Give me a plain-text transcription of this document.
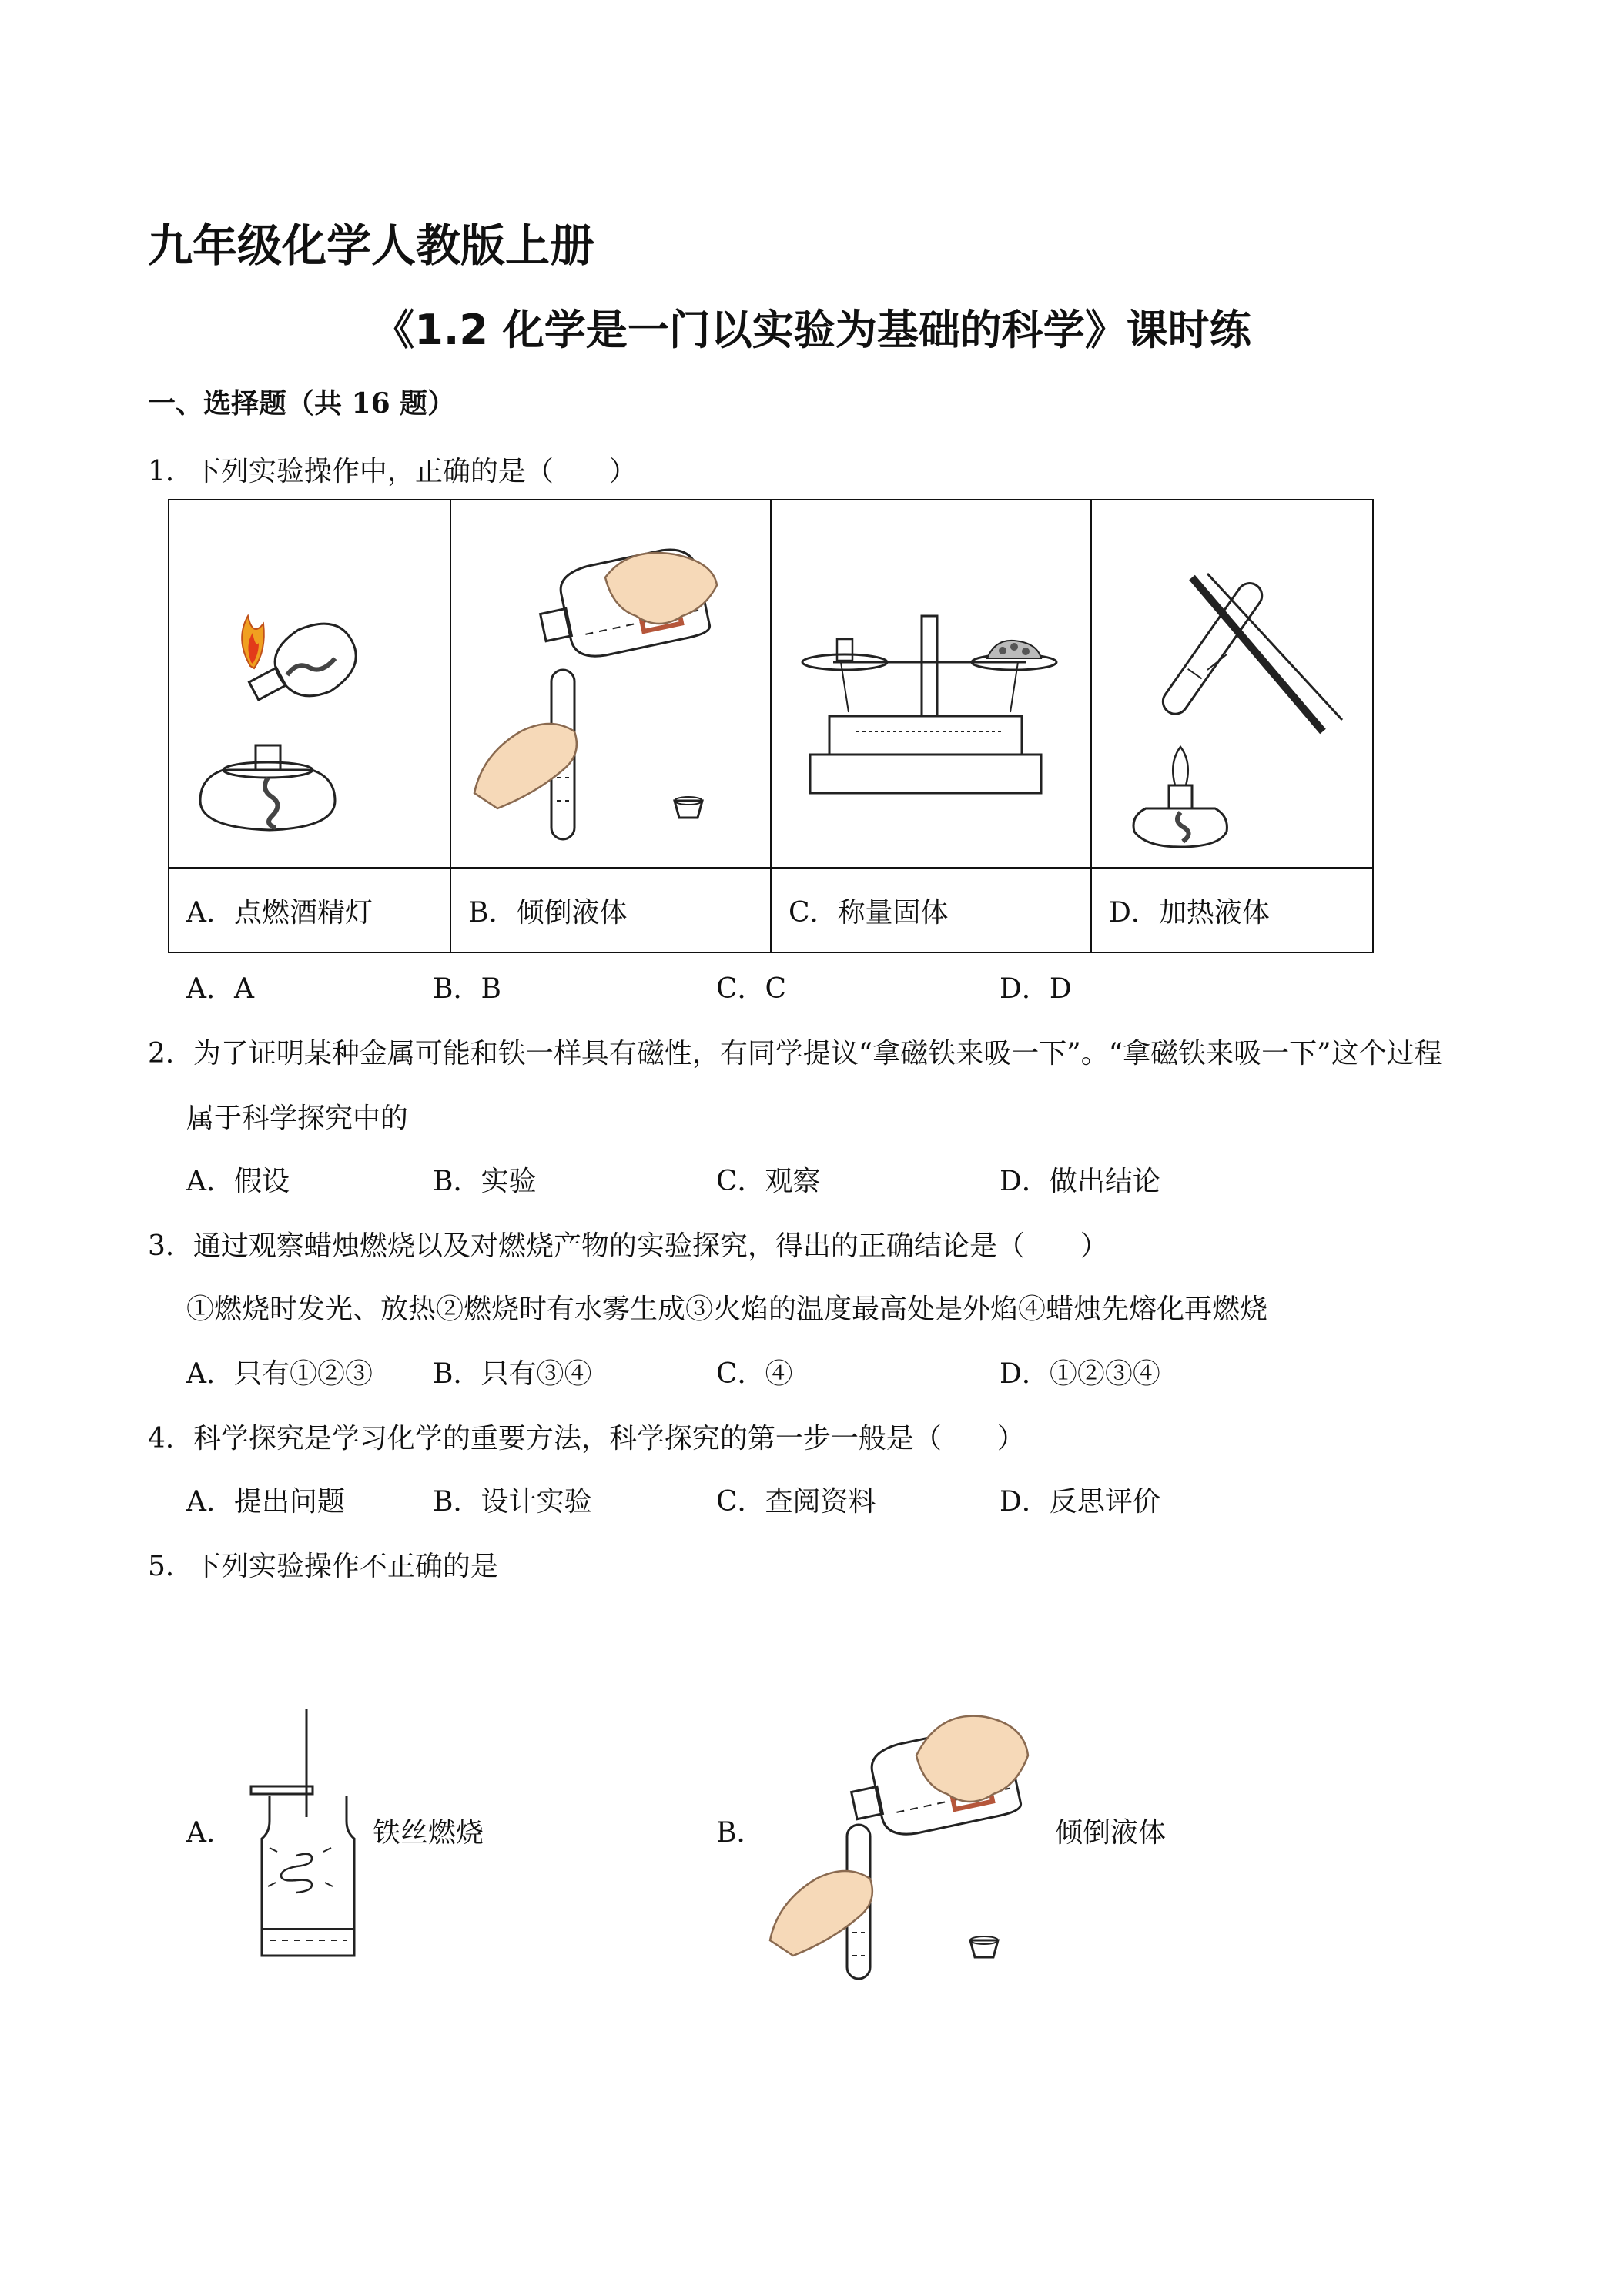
九年级化学人教版上册
《1.2 化学是一门以实验为基础的科学》课时练
一、选择题（共 16 题）
1．下列实验操作中，正确的是（　　）

A．点燃酒精灯	B．倾倒液体	C．称量固体	D．加热液体
A．A	B．B	C．C	D．D
2．为了证明某种金属可能和铁一样具有磁性，有同学提议“拿磁铁来吸一下”。“拿磁铁来吸一下”这个过程
属于科学探究中的
A．假设	B．实验	C．观察	D．做出结论
3．通过观察蜡烛燃烧以及对燃烧产物的实验探究，得出的正确结论是（　　）
①燃烧时发光、放热②燃烧时有水雾生成③火焰的温度最高处是外焰④蜡烛先熔化再燃烧
A．只有①②③ B．只有③④	C．④	D．①②③④
4．科学探究是学习化学的重要方法，科学探究的第一步一般是（　　）
A．提出问题	B．设计实验	C．查阅资料	D．反思评价
5．下列实验操作不正确的是
A．	铁丝燃烧	B．	倾倒液体
